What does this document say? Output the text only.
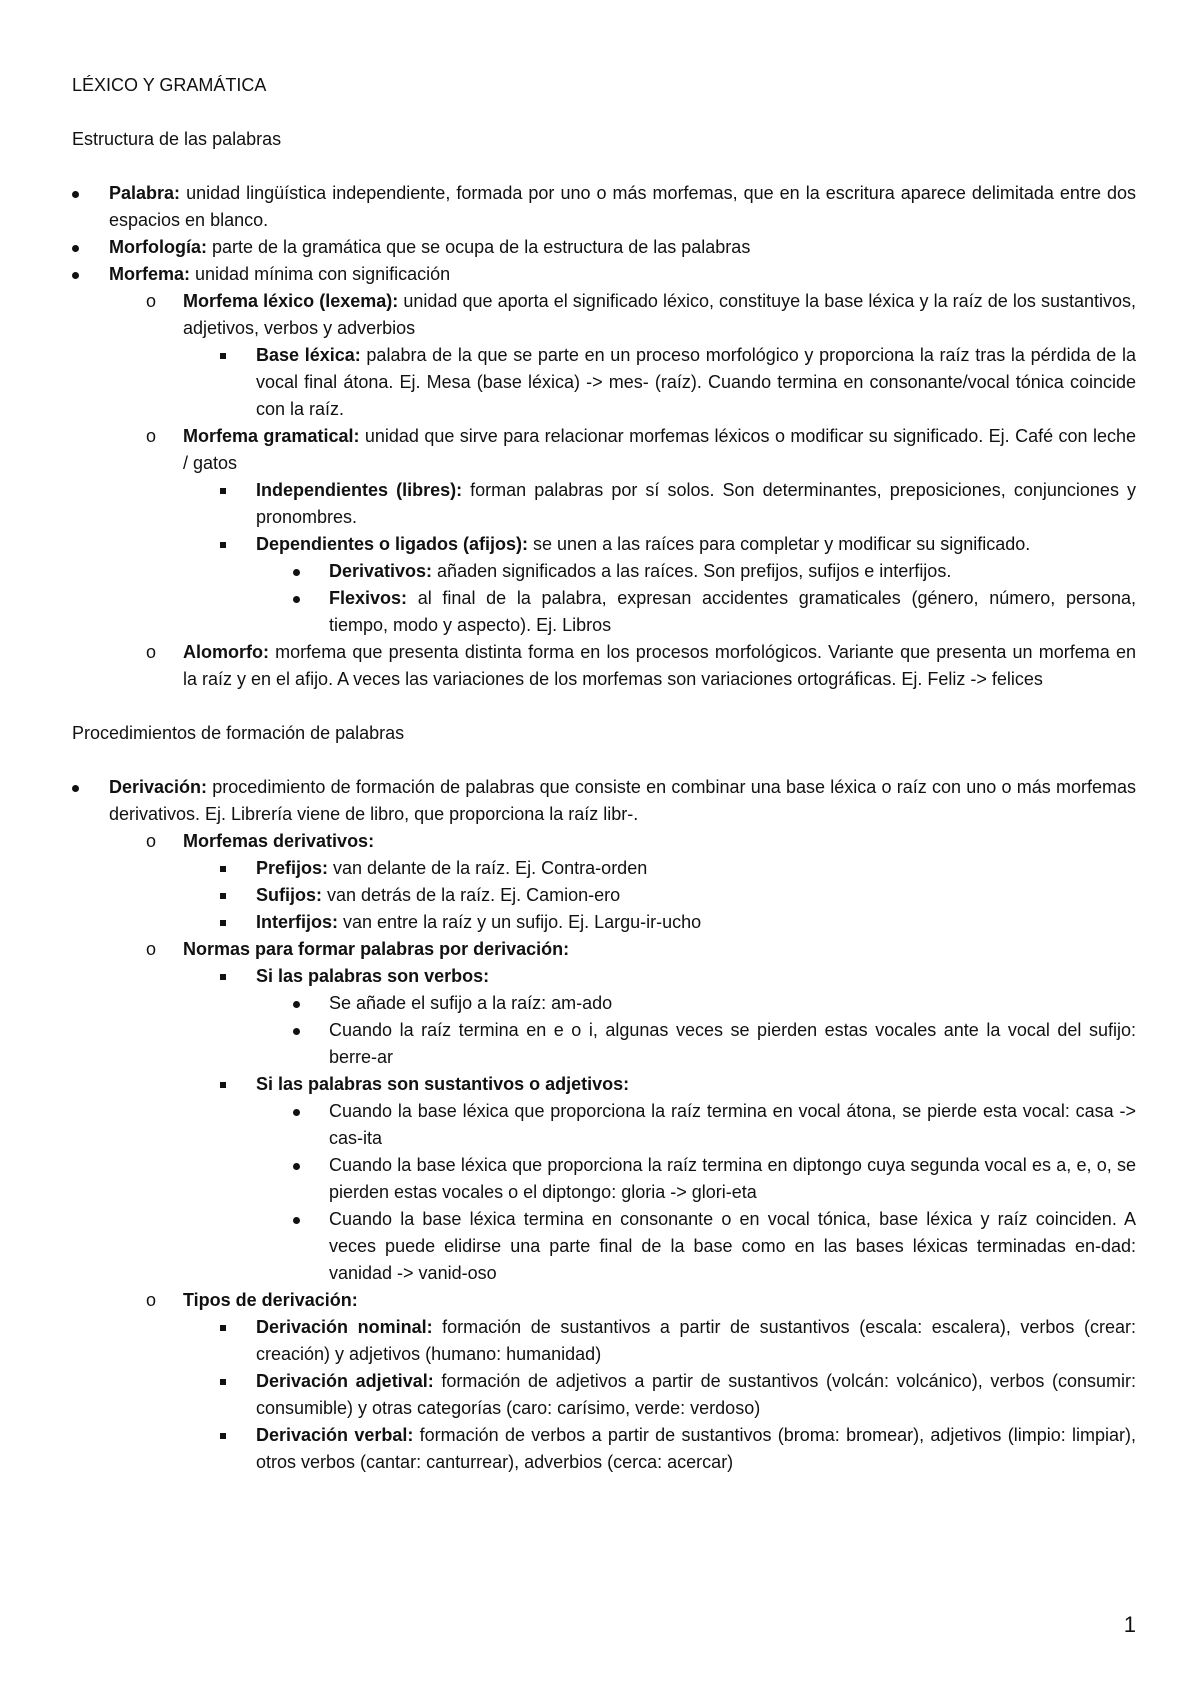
LÉXICO Y GRAMÁTICA

Estructura de las palabras

Palabra: unidad lingüística independiente, formada por uno o más morfemas, que en la escritura aparece delimitada entre dos espacios en blanco.
Morfología: parte de la gramática que se ocupa de la estructura de las palabras
Morfema: unidad mínima con significación
o Morfema léxico (lexema): unidad que aporta el significado léxico, constituye la base léxica y la raíz de los sustantivos, adjetivos, verbos y adverbios
Base léxica: palabra de la que se parte en un proceso morfológico y proporciona la raíz tras la pérdida de la vocal final átona. Ej. Mesa (base léxica) -> mes- (raíz). Cuando termina en consonante/vocal tónica coincide con la raíz.
o Morfema gramatical: unidad que sirve para relacionar morfemas léxicos o modificar su significado. Ej. Café con leche / gatos
Independientes (libres): forman palabras por sí solos. Son determinantes, preposiciones, conjunciones y pronombres.
Dependientes o ligados (afijos): se unen a las raíces para completar y modificar su significado.
Derivativos: añaden significados a las raíces. Son prefijos, sufijos e interfijos.
Flexivos: al final de la palabra, expresan accidentes gramaticales (género, número, persona, tiempo, modo y aspecto). Ej. Libros
o Alomorfo: morfema que presenta distinta forma en los procesos morfológicos. Variante que presenta un morfema en la raíz y en el afijo. A veces las variaciones de los morfemas son variaciones ortográficas. Ej. Feliz -> felices

Procedimientos de formación de palabras

Derivación: procedimiento de formación de palabras que consiste en combinar una base léxica o raíz con uno o más morfemas derivativos. Ej. Librería viene de libro, que proporciona la raíz libr-.
o Morfemas derivativos:
Prefijos: van delante de la raíz. Ej. Contra-orden
Sufijos: van detrás de la raíz. Ej. Camion-ero
Interfijos: van entre la raíz y un sufijo. Ej. Largu-ir-ucho
o Normas para formar palabras por derivación:
Si las palabras son verbos:
Se añade el sufijo a la raíz: am-ado
Cuando la raíz termina en e o i, algunas veces se pierden estas vocales ante la vocal del sufijo: berre-ar
Si las palabras son sustantivos o adjetivos:
Cuando la base léxica que proporciona la raíz termina en vocal átona, se pierde esta vocal: casa -> cas-ita
Cuando la base léxica que proporciona la raíz termina en diptongo cuya segunda vocal es a, e, o, se pierden estas vocales o el diptongo: gloria -> glori-eta
Cuando la base léxica termina en consonante o en vocal tónica, base léxica y raíz coinciden. A veces puede elidirse una parte final de la base como en las bases léxicas terminadas en-dad: vanidad -> vanid-oso
o Tipos de derivación:
Derivación nominal: formación de sustantivos a partir de sustantivos (escala: escalera), verbos (crear: creación) y adjetivos (humano: humanidad)
Derivación adjetival: formación de adjetivos a partir de sustantivos (volcán: volcánico), verbos (consumir: consumible) y otras categorías (caro: carísimo, verde: verdoso)
Derivación verbal: formación de verbos a partir de sustantivos (broma: bromear), adjetivos (limpio: limpiar), otros verbos (cantar: canturrear), adverbios (cerca: acercar)
1
